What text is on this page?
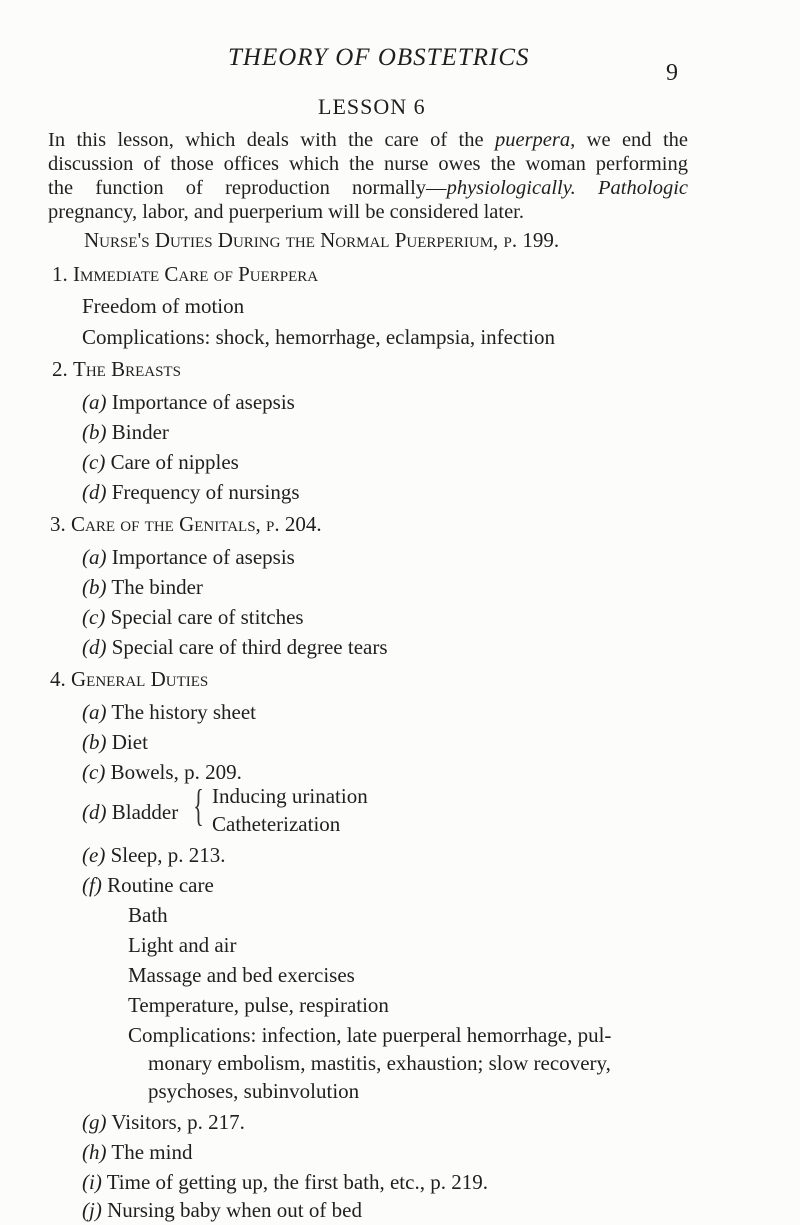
THEORY OF OBSTETRICS
9
LESSON 6
In this lesson, which deals with the care of the puerpera, we end the
discussion of those offices which the nurse owes the woman performing
the function of reproduction normally—physiologically. Pathologic
pregnancy, labor, and puerperium will be considered later.
Nurse's Duties During the Normal Puerperium, p. 199.
1. Immediate Care of Puerpera
Freedom of motion
Complications: shock, hemorrhage, eclampsia, infection
2. The Breasts
(a) Importance of asepsis
(b) Binder
(c) Care of nipples
(d) Frequency of nursings
3. Care of the Genitals, p. 204.
(a) Importance of asepsis
(b) The binder
(c) Special care of stitches
(d) Special care of third degree tears
4. General Duties
(a) The history sheet
(b) Diet
(c) Bowels, p. 209.
(d) Bladder { Inducing urination
Catheterization
(e) Sleep, p. 213.
(f) Routine care
Bath
Light and air
Massage and bed exercises
Temperature, pulse, respiration
Complications: infection, late puerperal hemorrhage, pul-
monary embolism, mastitis, exhaustion; slow recovery,
psychoses, subinvolution
(g) Visitors, p. 217.
(h) The mind
(i) Time of getting up, the first bath, etc., p. 219.
(j) Nursing baby when out of bed
